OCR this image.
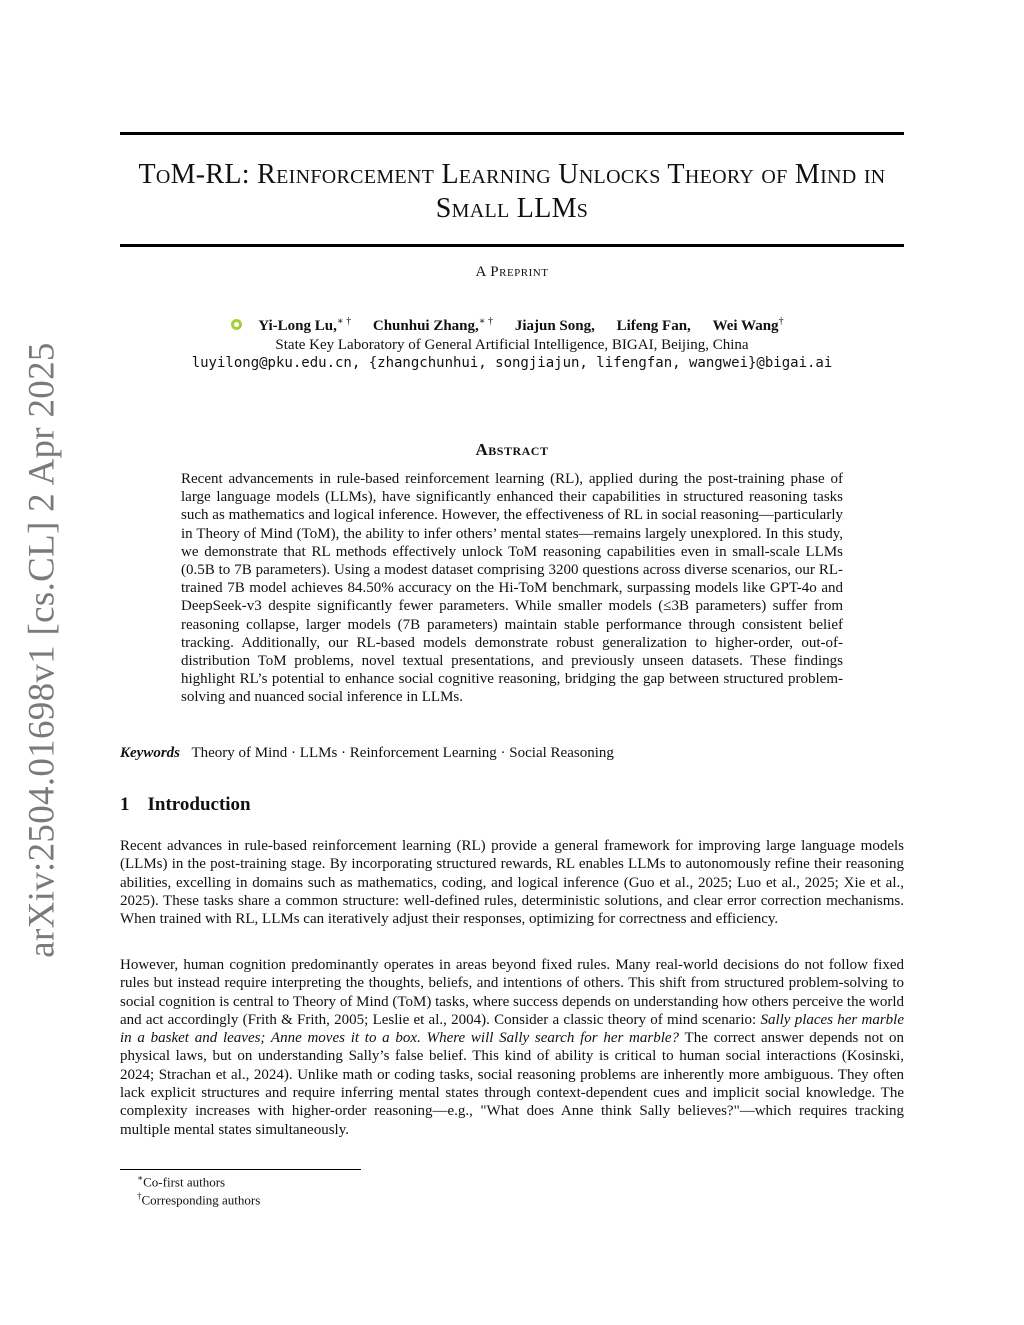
arXiv:2504.01698v1 [cs.CL] 2 Apr 2025
ToM-RL: Reinforcement Learning Unlocks Theory of Mind in Small LLMs
A Preprint
Yi-Long Lu,∗ † Chunhui Zhang,∗ † Jiajun Song, Lifeng Fan, Wei Wang†
State Key Laboratory of General Artificial Intelligence, BIGAI, Beijing, China
luyilong@pku.edu.cn, {zhangchunhui, songjiajun, lifengfan, wangwei}@bigai.ai
Abstract

Recent advancements in rule-based reinforcement learning (RL), applied during the post-training phase of large language models (LLMs), have significantly enhanced their capabilities in structured reasoning tasks such as mathematics and logical inference. However, the effectiveness of RL in social reasoning—particularly in Theory of Mind (ToM), the ability to infer others’ mental states—remains largely unexplored. In this study, we demonstrate that RL methods effectively unlock ToM reasoning capabilities even in small-scale LLMs (0.5B to 7B parameters). Using a modest dataset comprising 3200 questions across diverse scenarios, our RL-trained 7B model achieves 84.50% accuracy on the Hi-ToM benchmark, surpassing models like GPT-4o and DeepSeek-v3 despite significantly fewer parameters. While smaller models (≤3B parameters) suffer from reasoning collapse, larger models (7B parameters) maintain stable performance through consistent belief tracking. Additionally, our RL-based models demonstrate robust generalization to higher-order, out-of-distribution ToM problems, novel textual presentations, and previously unseen datasets. These findings highlight RL’s potential to enhance social cognitive reasoning, bridging the gap between structured problem-solving and nuanced social inference in LLMs.

Keywords Theory of Mind · LLMs · Reinforcement Learning · Social Reasoning
1 Introduction

Recent advances in rule-based reinforcement learning (RL) provide a general framework for improving large language models (LLMs) in the post-training stage. By incorporating structured rewards, RL enables LLMs to autonomously refine their reasoning abilities, excelling in domains such as mathematics, coding, and logical inference (Guo et al., 2025; Luo et al., 2025; Xie et al., 2025). These tasks share a common structure: well-defined rules, deterministic solutions, and clear error correction mechanisms. When trained with RL, LLMs can iteratively adjust their responses, optimizing for correctness and efficiency.

However, human cognition predominantly operates in areas beyond fixed rules. Many real-world decisions do not follow fixed rules but instead require interpreting the thoughts, beliefs, and intentions of others. This shift from structured problem-solving to social cognition is central to Theory of Mind (ToM) tasks, where success depends on understanding how others perceive the world and act accordingly (Frith & Frith, 2005; Leslie et al., 2004). Consider a classic theory of mind scenario: Sally places her marble in a basket and leaves; Anne moves it to a box. Where will Sally search for her marble? The correct answer depends not on physical laws, but on understanding Sally’s false belief. This kind of ability is critical to human social interactions (Kosinski, 2024; Strachan et al., 2024). Unlike math or coding tasks, social reasoning problems are inherently more ambiguous. They often lack explicit structures and require inferring mental states through context-dependent cues and implicit social knowledge. The complexity increases with higher-order reasoning—e.g., "What does Anne think Sally believes?"—which requires tracking multiple mental states simultaneously.

∗Co-first authors
†Corresponding authors
